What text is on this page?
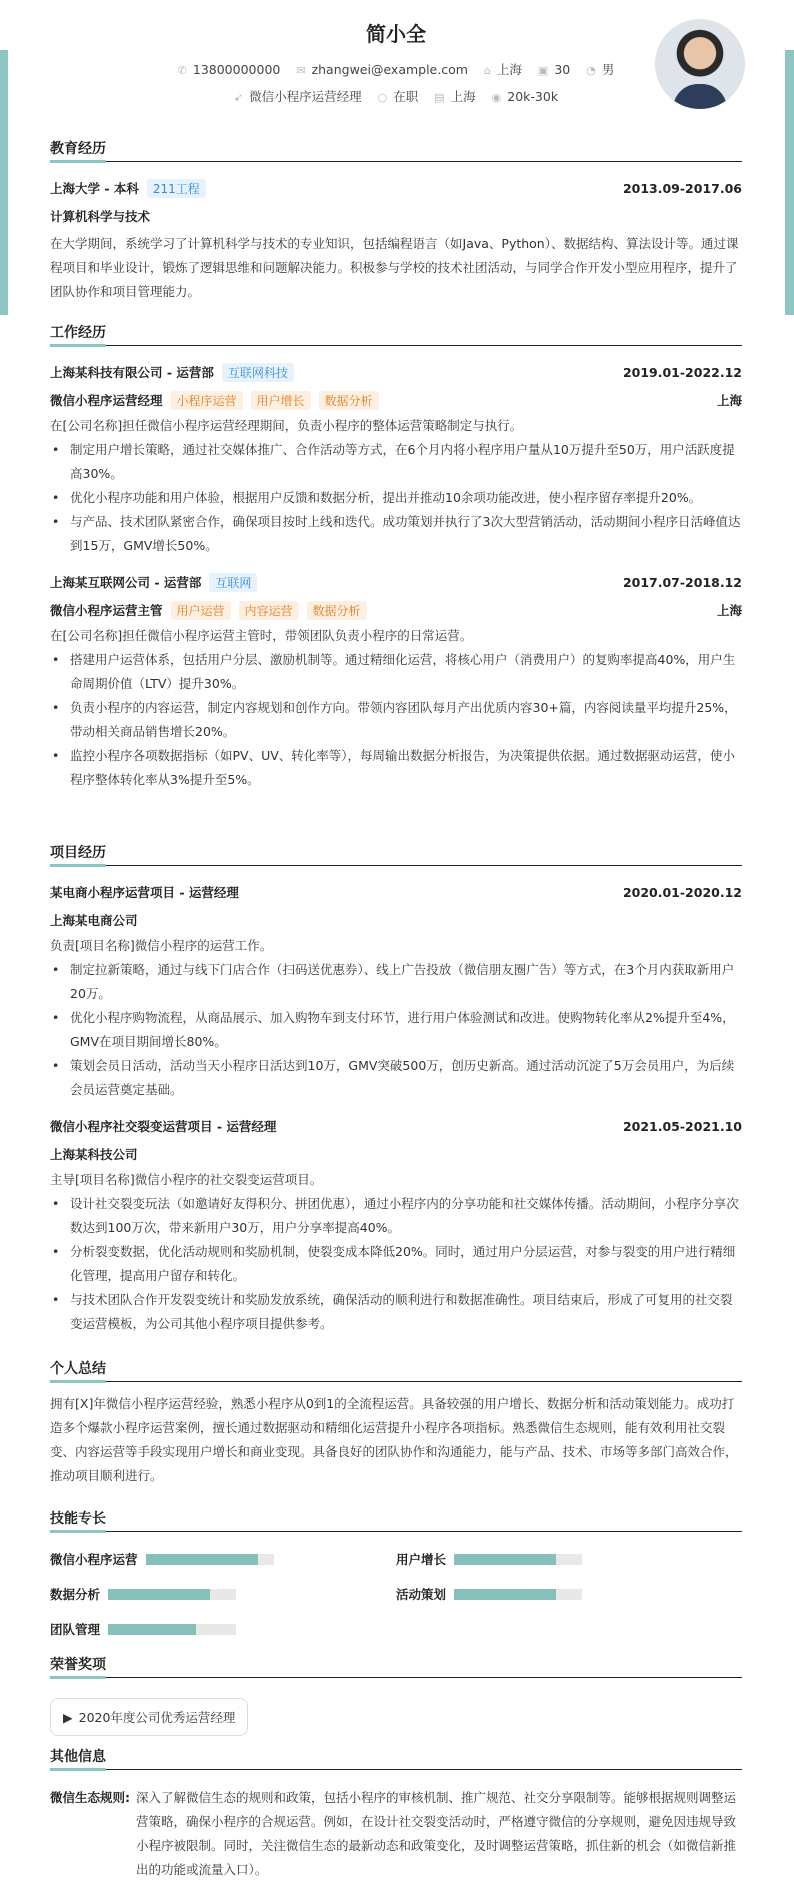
简小全
✆ 13800000000 ✉ zhangwei@example.com ⌂ 上海 ▣ 30 ◔ 男
➹ 微信小程序运营经理 ○ 在职 ▤ 上海 ◉ 20k-30k
教育经历
上海大学 - 本科 211工程	2013.09-2017.06
计算机科学与技术
在大学期间，系统学习了计算机科学与技术的专业知识，包括编程语言（如Java、Python）、数据结构、算法设计等。通过课程项目和毕业设计，锻炼了逻辑思维和问题解决能力。积极参与学校的技术社团活动，与同学合作开发小型应用程序，提升了团队协作和项目管理能力。
工作经历
上海某科技有限公司 - 运营部 互联网科技	2019.01-2022.12
微信小程序运营经理 小程序运营 用户增长 数据分析	上海
在[公司名称]担任微信小程序运营经理期间，负责小程序的整体运营策略制定与执行。
• 制定用户增长策略，通过社交媒体推广、合作活动等方式，在6个月内将小程序用户量从10万提升至50万，用户活跃度提高30%。
• 优化小程序功能和用户体验，根据用户反馈和数据分析，提出并推动10余项功能改进，使小程序留存率提升20%。
• 与产品、技术团队紧密合作，确保项目按时上线和迭代。成功策划并执行了3次大型营销活动，活动期间小程序日活峰值达到15万，GMV增长50%。
上海某互联网公司 - 运营部 互联网	2017.07-2018.12
微信小程序运营主管 用户运营 内容运营 数据分析	上海
在[公司名称]担任微信小程序运营主管时，带领团队负责小程序的日常运营。
• 搭建用户运营体系，包括用户分层、激励机制等。通过精细化运营，将核心用户（消费用户）的复购率提高40%，用户生命周期价值（LTV）提升30%。
• 负责小程序的内容运营，制定内容规划和创作方向。带领内容团队每月产出优质内容30+篇，内容阅读量平均提升25%，带动相关商品销售增长20%。
• 监控小程序各项数据指标（如PV、UV、转化率等），每周输出数据分析报告，为决策提供依据。通过数据驱动运营，使小程序整体转化率从3%提升至5%。
项目经历
某电商小程序运营项目 - 运营经理	2020.01-2020.12
上海某电商公司
负责[项目名称]微信小程序的运营工作。
• 制定拉新策略，通过与线下门店合作（扫码送优惠券）、线上广告投放（微信朋友圈广告）等方式，在3个月内获取新用户20万。
• 优化小程序购物流程，从商品展示、加入购物车到支付环节，进行用户体验测试和改进。使购物转化率从2%提升至4%，GMV在项目期间增长80%。
• 策划会员日活动，活动当天小程序日活达到10万，GMV突破500万，创历史新高。通过活动沉淀了5万会员用户，为后续会员运营奠定基础。
微信小程序社交裂变运营项目 - 运营经理	2021.05-2021.10
上海某科技公司
主导[项目名称]微信小程序的社交裂变运营项目。
• 设计社交裂变玩法（如邀请好友得积分、拼团优惠），通过小程序内的分享功能和社交媒体传播。活动期间，小程序分享次数达到100万次，带来新用户30万，用户分享率提高40%。
• 分析裂变数据，优化活动规则和奖励机制，使裂变成本降低20%。同时，通过用户分层运营，对参与裂变的用户进行精细化管理，提高用户留存和转化。
• 与技术团队合作开发裂变统计和奖励发放系统，确保活动的顺利进行和数据准确性。项目结束后，形成了可复用的社交裂变运营模板，为公司其他小程序项目提供参考。
个人总结
拥有[X]年微信小程序运营经验，熟悉小程序从0到1的全流程运营。具备较强的用户增长、数据分析和活动策划能力。成功打造多个爆款小程序运营案例，擅长通过数据驱动和精细化运营提升小程序各项指标。熟悉微信生态规则，能有效利用社交裂变、内容运营等手段实现用户增长和商业变现。具备良好的团队协作和沟通能力，能与产品、技术、市场等多部门高效合作，推动项目顺利进行。
技能专长
微信小程序运营	用户增长
数据分析	活动策划
团队管理
荣誉奖项
▶ 2020年度公司优秀运营经理
其他信息
微信生态规则: 深入了解微信生态的规则和政策，包括小程序的审核机制、推广规范、社交分享限制等。能够根据规则调整运营策略，确保小程序的合规运营。例如，在设计社交裂变活动时，严格遵守微信的分享规则，避免因违规导致小程序被限制。同时，关注微信生态的最新动态和政策变化，及时调整运营策略，抓住新的机会（如微信新推出的功能或流量入口）。
